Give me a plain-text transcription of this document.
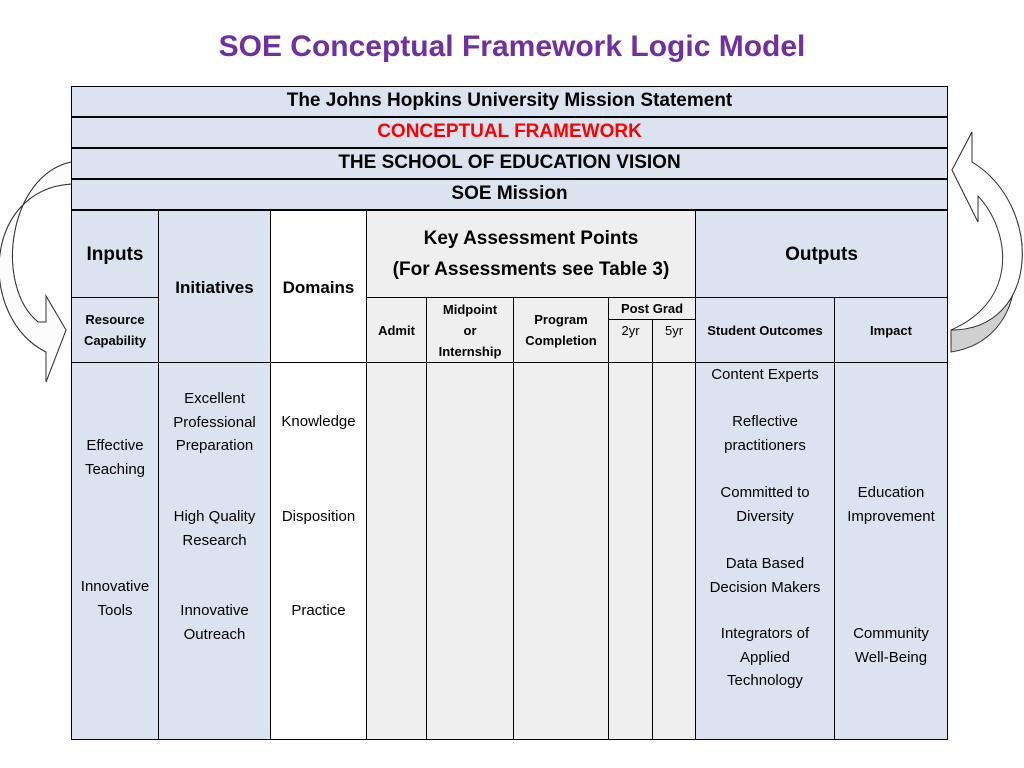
SOE Conceptual Framework Logic Model
The Johns Hopkins University Mission Statement
CONCEPTUAL FRAMEWORK
THE SCHOOL OF EDUCATION VISION
SOE Mission
Inputs
Resource
Capability
Initiatives Domains
Key Assessment Points
(For Assessments see Table 3)
Admit
Midpoint
or
Internship
Program
Completion
Post Grad
2yr	5yr
Outputs
Student Outcomes	Impact
Effective
Teaching
Innovative
Tools
Excellent
Professional
Preparation
High Quality
Research
Innovative
Outreach
Knowledge
Disposition
Practice
Content Experts
Reflective
practitioners
Committed to
Diversity
Data Based
Decision Makers
Integrators of
Applied
Technology
Education
Improvement
Community
Well-Being
